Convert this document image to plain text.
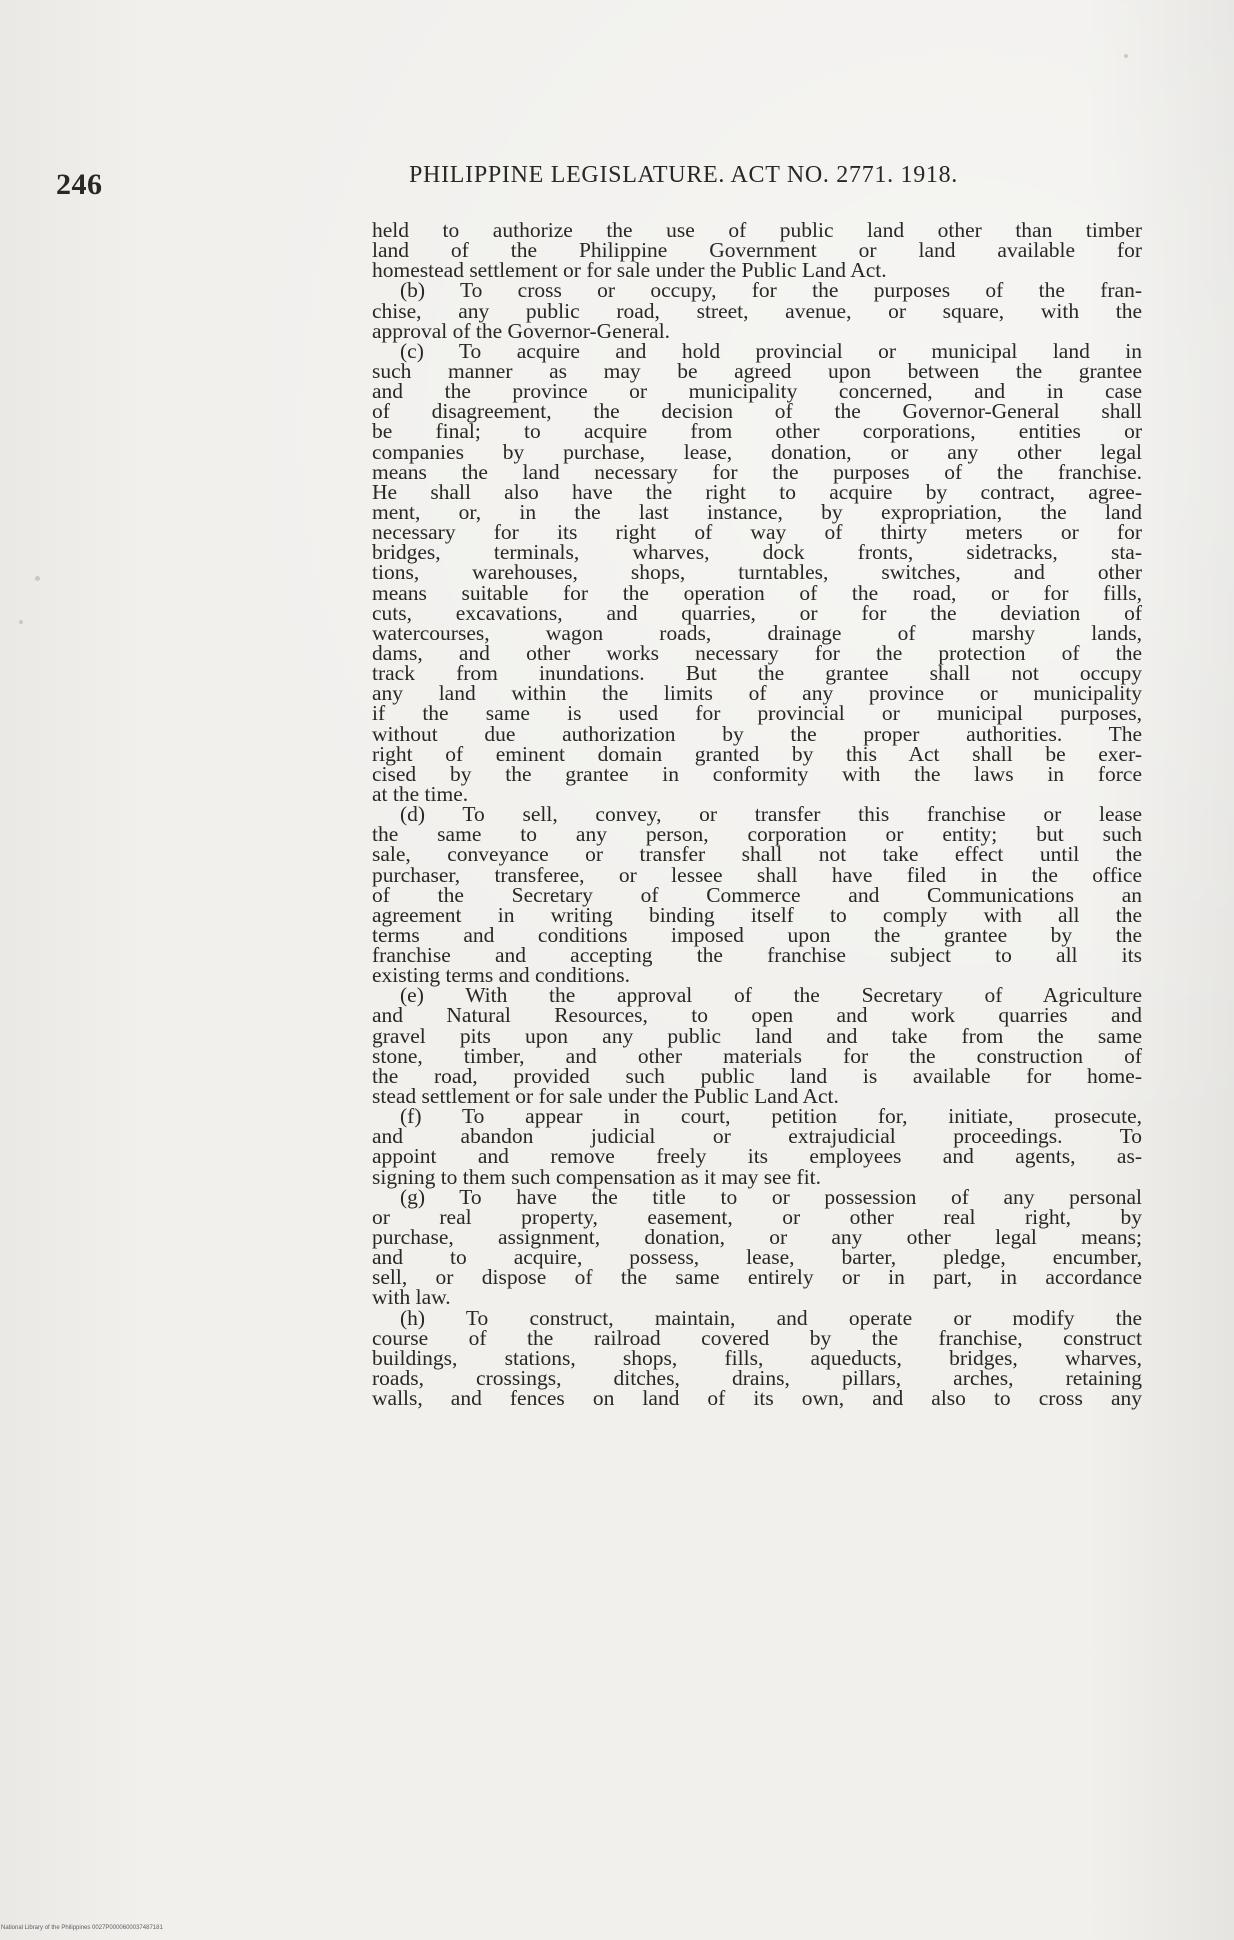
246	PHILIPPINE LEGISLATURE. ACT NO. 2771. 1918.
held to authorize the use of public land other than timber
land of the Philippine Government or land available for
homestead settlement or for sale under the Public Land Act.
(b) To cross or occupy, for the purposes of the fran-
chise, any public road, street, avenue, or square, with the
approval of the Governor-General.
(c) To acquire and hold provincial or municipal land in
such manner as may be agreed upon between the grantee
and the province or municipality concerned, and in case
of disagreement, the decision of the Governor-General shall
be final; to acquire from other corporations, entities or
companies by purchase, lease, donation, or any other legal
means the land necessary for the purposes of the franchise.
He shall also have the right to acquire by contract, agree-
ment, or, in the last instance, by expropriation, the land
necessary for its right of way of thirty meters or for
bridges, terminals, wharves, dock fronts, sidetracks, sta-
tions, warehouses, shops, turntables, switches, and other
means suitable for the operation of the road, or for fills,
cuts, excavations, and quarries, or for the deviation of
watercourses, wagon roads, drainage of marshy lands,
dams, and other works necessary for the protection of the
track from inundations. But the grantee shall not occupy
any land within the limits of any province or municipality
if the same is used for provincial or municipal purposes,
without due authorization by the proper authorities. The
right of eminent domain granted by this Act shall be exer-
cised by the grantee in conformity with the laws in force
at the time.
(d) To sell, convey, or transfer this franchise or lease
the same to any person, corporation or entity; but such
sale, conveyance or transfer shall not take effect until the
purchaser, transferee, or lessee shall have filed in the office
of the Secretary of Commerce and Communications an
agreement in writing binding itself to comply with all the
terms and conditions imposed upon the grantee by the
franchise and accepting the franchise subject to all its
existing terms and conditions.
(e) With the approval of the Secretary of Agriculture
and Natural Resources, to open and work quarries and
gravel pits upon any public land and take from the same
stone, timber, and other materials for the construction of
the road, provided such public land is available for home-
stead settlement or for sale under the Public Land Act.
(f) To appear in court, petition for, initiate, prosecute,
and abandon judicial or extrajudicial proceedings. To
appoint and remove freely its employees and agents, as-
signing to them such compensation as it may see fit.
(g) To have the title to or possession of any personal
or real property, easement, or other real right, by
purchase, assignment, donation, or any other legal means;
and to acquire, possess, lease, barter, pledge, encumber,
sell, or dispose of the same entirely or in part, in accordance
with law.
(h) To construct, maintain, and operate or modify the
course of the railroad covered by the franchise, construct
buildings, stations, shops, fills, aqueducts, bridges, wharves,
roads, crossings, ditches, drains, pillars, arches, retaining
walls, and fences on land of its own, and also to cross any
National Library of the Philippines 0027P0000600037487181
